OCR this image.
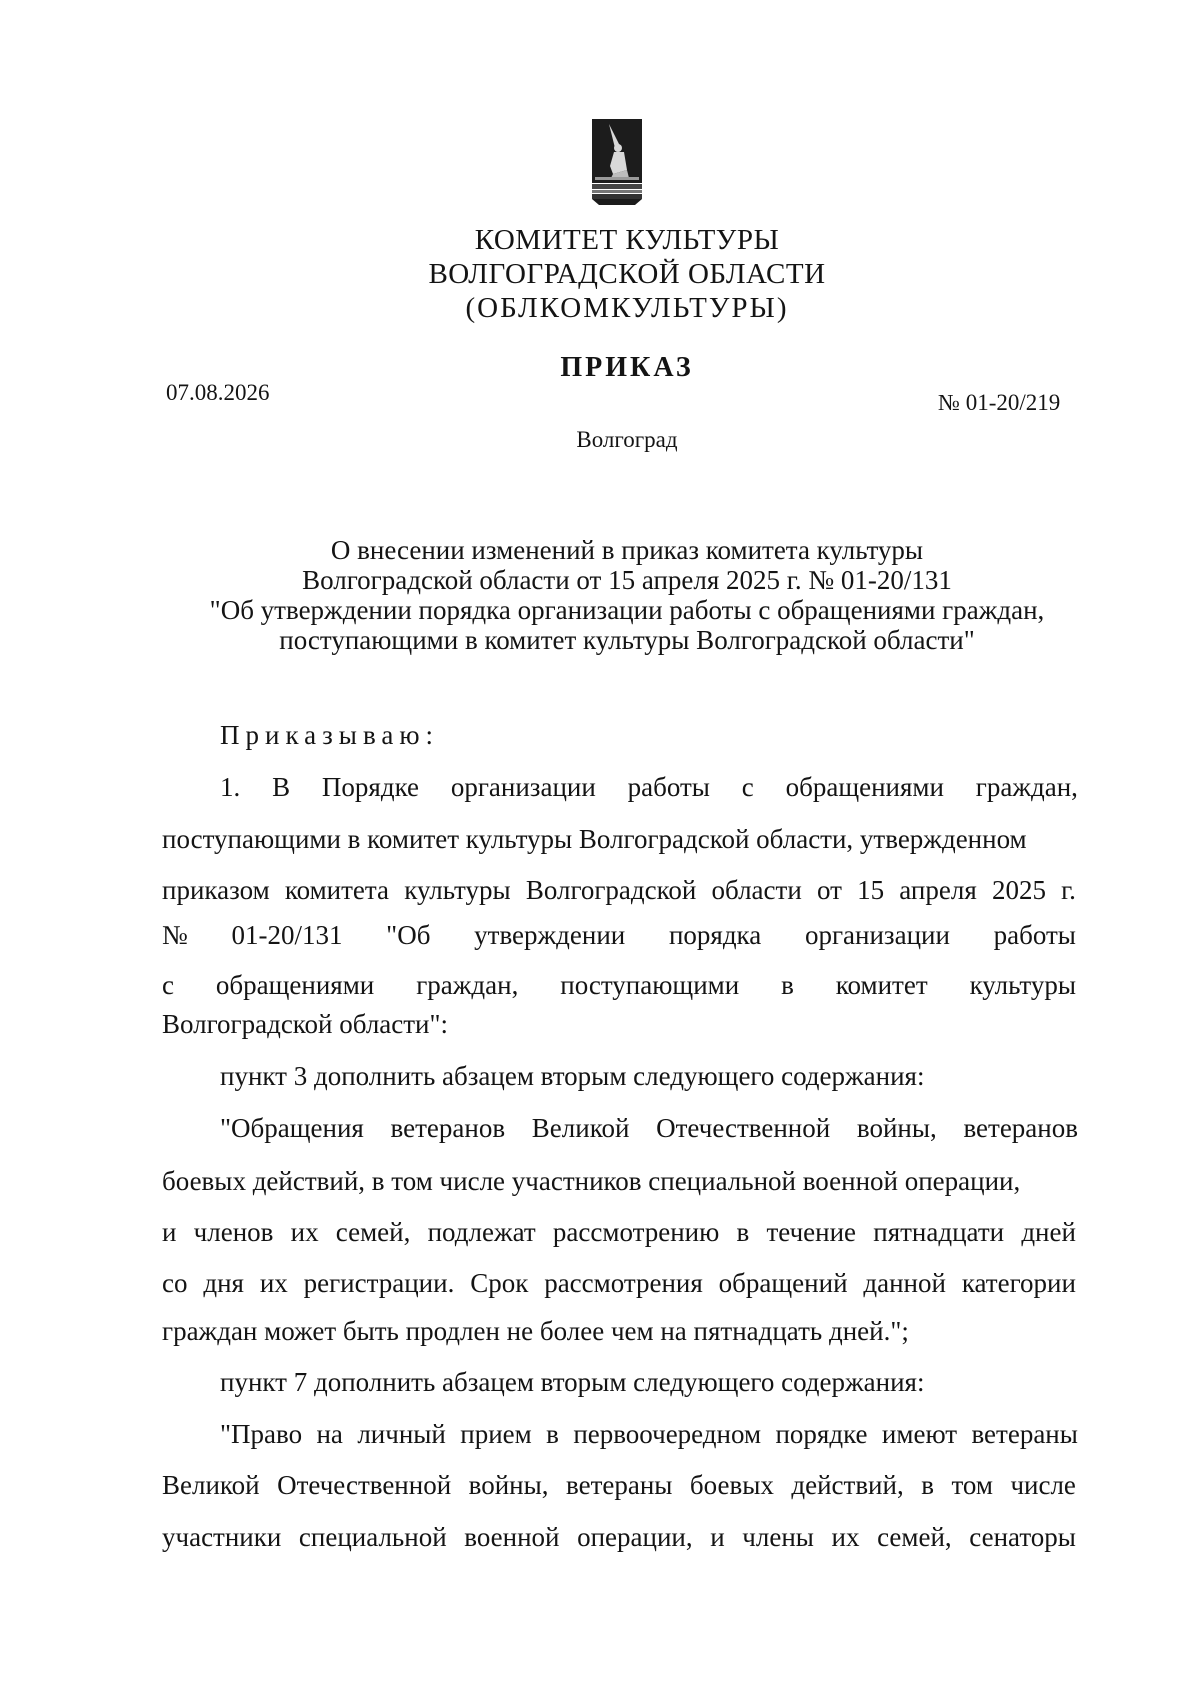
КОМИТЕТ КУЛЬТУРЫ
ВОЛГОГРАДСКОЙ ОБЛАСТИ
(ОБЛКОМКУЛЬТУРЫ)
ПРИКАЗ
07.08.2026	№ 01-20/219
Волгоград
О внесении изменений в приказ комитета культуры
Волгоградской области от 15 апреля 2025 г. № 01-20/131
"Об утверждении порядка организации работы с обращениями граждан,
поступающими в комитет культуры Волгоградской области"
Приказываю:
1. В Порядке организации работы с обращениями граждан,
поступающими в комитет культуры Волгоградской области, утвержденном
приказом комитета культуры Волгоградской области от 15 апреля 2025 г.
№ 01-20/131 "Об утверждении порядка организации работы
с обращениями граждан, поступающими в комитет культуры
Волгоградской области":
пункт 3 дополнить абзацем вторым следующего содержания:
"Обращения ветеранов Великой Отечественной войны, ветеранов
боевых действий, в том числе участников специальной военной операции,
и членов их семей, подлежат рассмотрению в течение пятнадцати дней
со дня их регистрации. Срок рассмотрения обращений данной категории
граждан может быть продлен не более чем на пятнадцать дней.";
пункт 7 дополнить абзацем вторым следующего содержания:
"Право на личный прием в первоочередном порядке имеют ветераны
Великой Отечественной войны, ветераны боевых действий, в том числе
участники специальной военной операции, и члены их семей, сенаторы
